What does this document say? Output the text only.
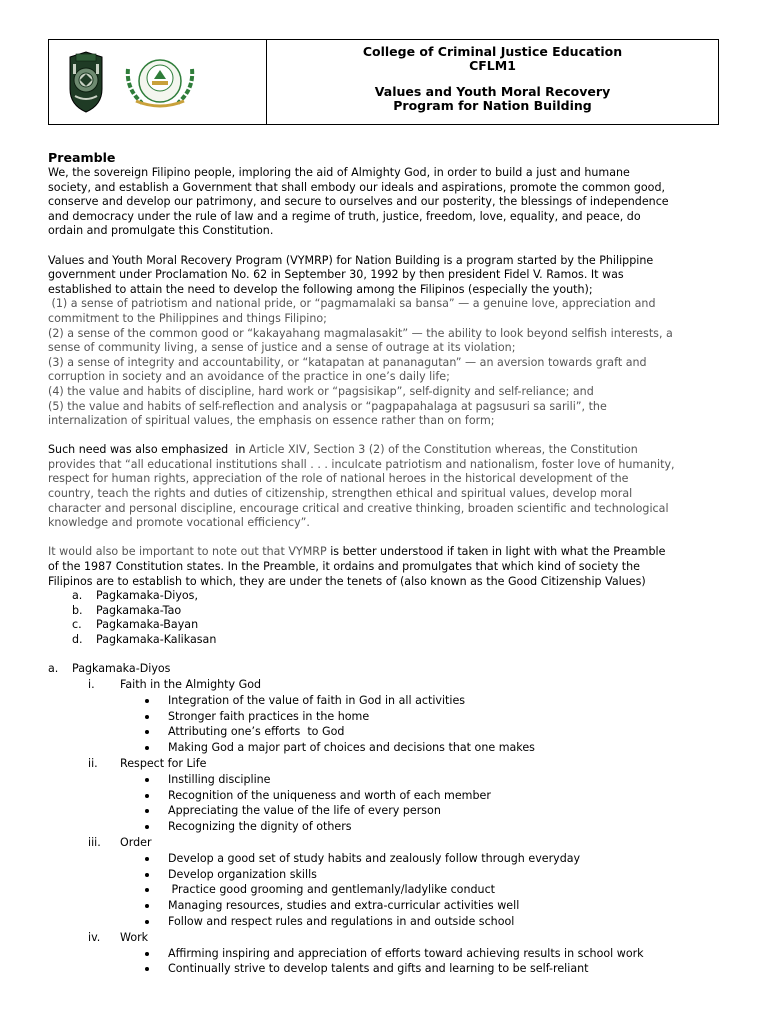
College of Criminal Justice Education
CFLM1
Values and Youth Moral Recovery
Program for Nation Building

Preamble

We, the sovereign Filipino people, imploring the aid of Almighty God, in order to build a just and humane

society, and establish a Government that shall embody our ideals and aspirations, promote the common good,

conserve and develop our patrimony, and secure to ourselves and our posterity, the blessings of independence

and democracy under the rule of law and a regime of truth, justice, freedom, love, equality, and peace, do

ordain and promulgate this Constitution.

Values and Youth Moral Recovery Program (VYMRP) for Nation Building is a program started by the Philippine

government under Proclamation No. 62 in September 30, 1992 by then president Fidel V. Ramos. It was

established to attain the need to develop the following among the Filipinos (especially the youth);

(1) a sense of patriotism and national pride, or “pagmamalaki sa bansa” — a genuine love, appreciation and

commitment to the Philippines and things Filipino;

(2) a sense of the common good or “kakayahang magmalasakit” — the ability to look beyond selfish interests, a

sense of community living, a sense of justice and a sense of outrage at its violation;

(3) a sense of integrity and accountability, or “katapatan at pananagutan” — an aversion towards graft and

corruption in society and an avoidance of the practice in one’s daily life;

(4) the value and habits of discipline, hard work or “pagsisikap”, self-dignity and self-reliance; and

(5) the value and habits of self-reflection and analysis or “pagpapahalaga at pagsusuri sa sarili”, the

internalization of spiritual values, the emphasis on essence rather than on form;

Such need was also emphasized  in Article XIV, Section 3 (2) of the Constitution whereas, the Constitution

provides that “all educational institutions shall . . . inculcate patriotism and nationalism, foster love of humanity,

respect for human rights, appreciation of the role of national heroes in the historical development of the

country, teach the rights and duties of citizenship, strengthen ethical and spiritual values, develop moral

character and personal discipline, encourage critical and creative thinking, broaden scientific and technological

knowledge and promote vocational efficiency”.

It would also be important to note out that VYMRP is better understood if taken in light with what the Preamble

of the 1987 Constitution states. In the Preamble, it ordains and promulgates that which kind of society the

Filipinos are to establish to which, they are under the tenets of (also known as the Good Citizenship Values)

a. Pagkamaka-Diyos,
b. Pagkamaka-Tao
c. Pagkamaka-Bayan
d. Pagkamaka-Kalikasan
a. Pagkamaka-Diyos
i. Faith in the Almighty God
Integration of the value of faith in God in all activities
Stronger faith practices in the home
Attributing one’s efforts  to God
Making God a major part of choices and decisions that one makes
ii. Respect for Life
Instilling discipline
Recognition of the uniqueness and worth of each member
Appreciating the value of the life of every person
Recognizing the dignity of others
iii. Order
Develop a good set of study habits and zealously follow through everyday
Develop organization skills
Practice good grooming and gentlemanly/ladylike conduct
Managing resources, studies and extra-curricular activities well
Follow and respect rules and regulations in and outside school
iv. Work
Affirming inspiring and appreciation of efforts toward achieving results in school work
Continually strive to develop talents and gifts and learning to be self-reliant
